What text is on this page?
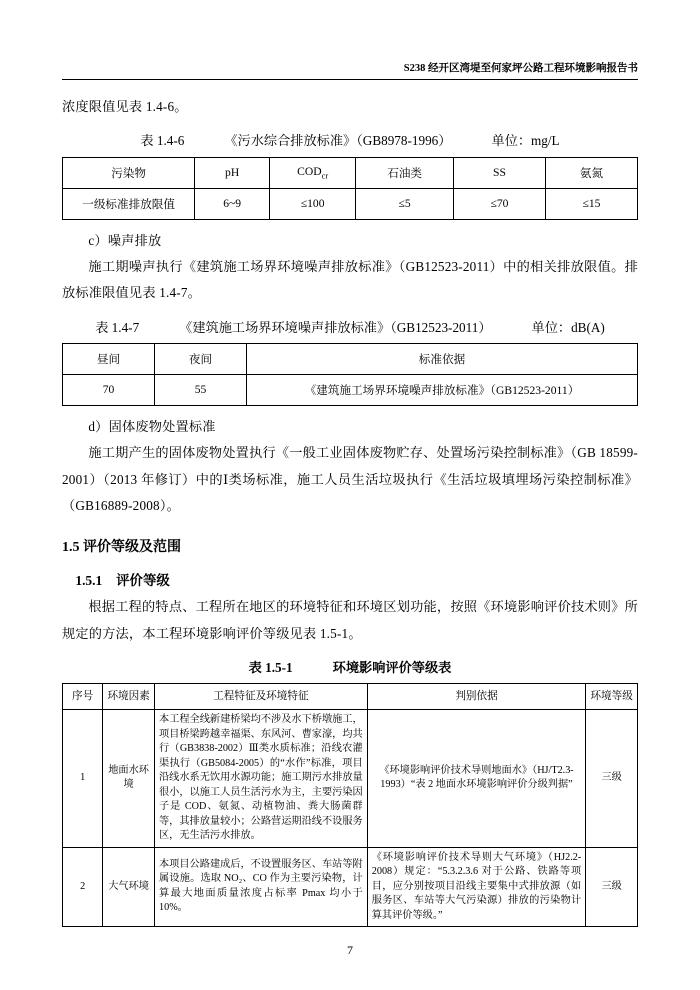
S238 经开区湾堤至何家坪公路工程环境影响报告书

浓度限值见表 1.4-6。

表 1.4-6	《污水综合排放标准》（GB8978-1996）	单位：mg/L
污染物	pH	$COD_{cr}$	石油类	SS	氨氮
一级标准排放限值	6~9	≤100	≤5	≤70	≤15

c）噪声排放

施工期噪声执行《建筑施工场界环境噪声排放标准》（GB12523-2011）中的相关排放限值。排放标准限值见表 1.4-7。

表 1.4-7	《建筑施工场界环境噪声排放标准》（GB12523-2011）	单位：dB(A)
昼间	夜间	标准依据
70	55	《建筑施工场界环境噪声排放标准》（GB12523-2011）

d）固体废物处置标准

施工期产生的固体废物处置执行《一般工业固体废物贮存、处置场污染控制标准》（GB 18599-2001）（2013 年修订）中的Ⅰ类场标准，施工人员生活垃圾执行《生活垃圾填埋场污染控制标准》（GB16889-2008）。

1.5 评价等级及范围
1.5.1 评价等级

根据工程的特点、工程所在地区的环境特征和环境区划功能，按照《环境影响评价技术则》所规定的方法，本工程环境影响评价等级见表 1.5-1。

表 1.5-1	环境影响评价等级表
序号	环境因素	工程特征及环境特征	判别依据	环境等级
1	地面水环境	本工程全线新建桥梁均不涉及水下桥墩施工，项目桥梁跨越幸福渠、东风河、曹家濠，均共行（GB3838-2002）Ⅲ类水质标准；沿线农灌渠执行（GB5084-2005）的“水作”标准，项目沿线水系无饮用水源功能；施工期污水排放量很小，以施工人员生活污水为主，主要污染因子是 COD、氨氮、动植物油、粪大肠菌群等，其排放量较小；公路营运期沿线不设服务区，无生活污水排放。	《环境影响评价技术导则地面水》（HJ/T2.3-1993）“表 2 地面水环境影响评价分级判据”	三级
2	大气环境	本项目公路建成后，不设置服务区、车站等附属设施。选取 NO₂、CO 作为主要污染物，计算最大地面质量浓度占标率 Pmax 均小于 10%。	《环境影响评价技术导则大气环境》（HJ2.2-2008）规定：“5.3.2.3.6 对于公路、铁路等项目，应分别按项目沿线主要集中式排放源（如服务区、车站等大气污染源）排放的污染物计算其评价等级。”	三级
7
